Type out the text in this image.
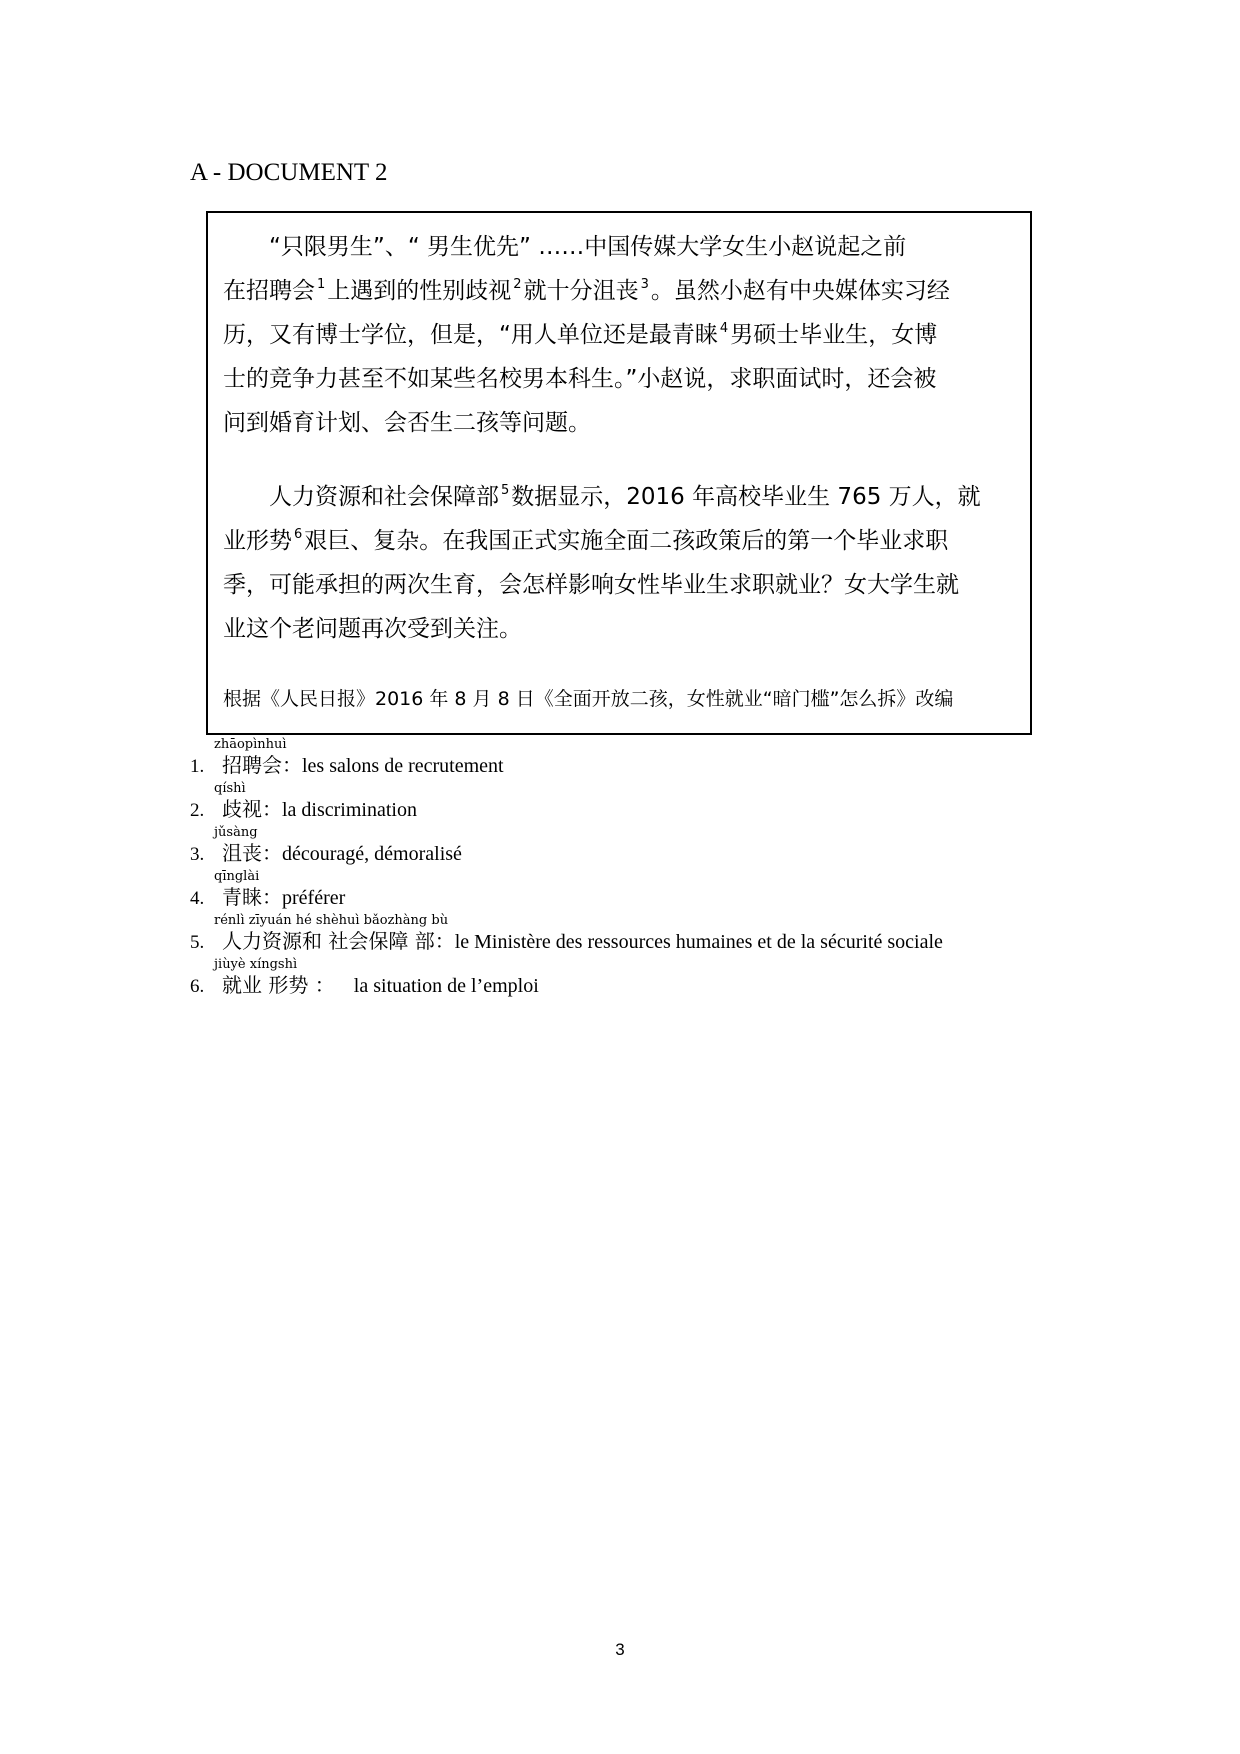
A - DOCUMENT 2
“只限男生”、“ 男生优先” ……中国传媒大学女生小赵说起之前
在招聘会 $^1$上遇到的性别歧视 $^2$就十分沮丧 $^3$。虽然小赵有中央媒体实习经
历，又有博士学位，但是，“用人单位还是最青睐 $^4$男硕士毕业生，女博
士的竞争力甚至不如某些名校男本科生。”小赵说，求职面试时，还会被
问到婚育计划、会否生二孩等问题。
人力资源和社会保障部 $^5$数据显示，2016 年高校毕业生 765 万人，就
业形势 $^6$艰巨、复杂。在我国正式实施全面二孩政策后的第一个毕业求职
季，可能承担的两次生育，会怎样影响女性毕业生求职就业？女大学生就
业这个老问题再次受到关注。
根据《人民日报》2016 年 8 月 8 日《全面开放二孩，女性就业“暗门槛”怎么拆》改编
zhāopìnhuì
1. 招聘会：les salons de recrutement
qíshì
2. 歧视：la discrimination
jǔsàng
3. 沮丧：découragé, démoralisé
qīnglài
4. 青睐：préférer
rénlì zīyuán hé shèhuì bǎozhàng bù
5. 人力资源和 社会保障 部：le Ministère des ressources humaines et de la sécurité sociale
jiùyè xíngshì
6. 就业 形势 ：   la situation de l’emploi
3
